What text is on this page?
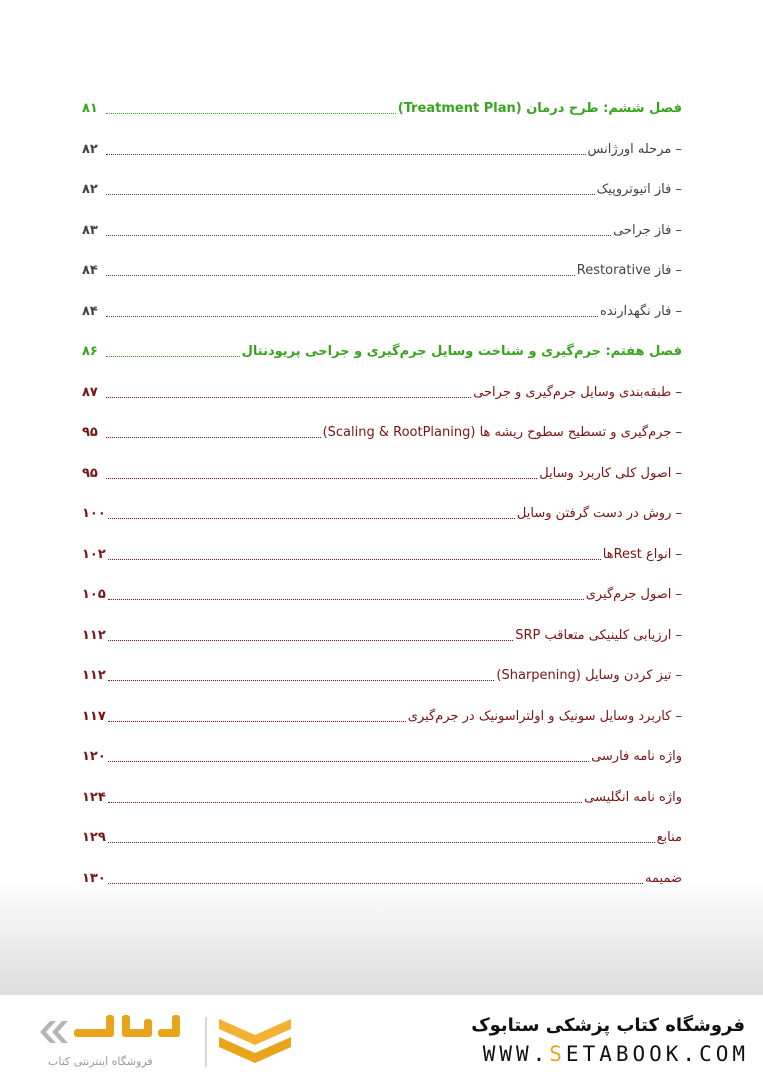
فصل ششم: طرح درمان (Treatment Plan)
۸۱
– مرحله اورژانس
۸۲
– فاز اتیوتروپیک
۸۲
– فاز جراحی
۸۳
– فاز Restorative
۸۴
– فار نگهدارنده
۸۴
فصل هفتم: جرم‌گیری و شناخت وسایل جرم‌گیری و جراحی پریودنتال
۸۶
– طبقه‌بندی وسایل جرم‌گیری و جراحی
۸۷
– جرم‌گیری و تسطیح سطوح ریشه ها (Scaling & RootPlaning)
۹۵
– اصول کلی کاربرد وسایل
۹۵
– روش در دست گرفتن وسایل
۱۰۰
– انواع Restها
۱۰۲
– اصول جرم‌گیری
۱۰۵
– ارزیابی کلینیکی متعاقب SRP
۱۱۲
– تیز کردن وسایل (Sharpening)
۱۱۲
– کاربرد وسایل سونیک و اولتراسونیک در جرم‌گیری
۱۱۷
واژه نامه فارسی
۱۲۰
واژه نامه انگلیسی
۱۲۴
منابع
۱۲۹
ضمیمه
۱۳۰
فروشگاه کتاب پزشکی ستابوک
WWW.SETABOOK.COM
فروشگاه اینترنتی کتاب
